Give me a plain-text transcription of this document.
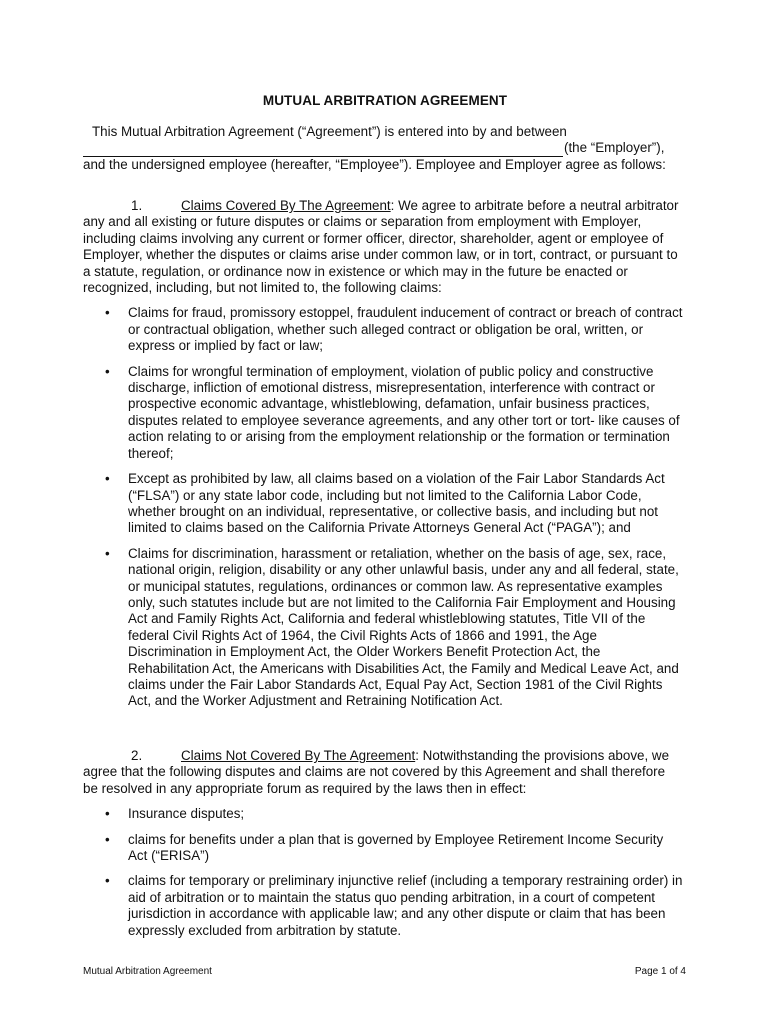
MUTUAL ARBITRATION AGREEMENT
This Mutual Arbitration Agreement (“Agreement”) is entered into by and between
(the “Employer”),
and the undersigned employee (hereafter, “Employee”). Employee and Employer agree as follows:

1.	Claims Covered By The Agreement: We agree to arbitrate before a neutral arbitrator any and all existing or future disputes or claims or separation from employment with Employer, including claims involving any current or former officer, director, shareholder, agent or employee of Employer, whether the disputes or claims arise under common law, or in tort, contract, or pursuant to a statute, regulation, or ordinance now in existence or which may in the future be enacted or recognized, including, but not limited to, the following claims:

• Claims for fraud, promissory estoppel, fraudulent inducement of contract or breach of contract or contractual obligation, whether such alleged contract or obligation be oral, written, or express or implied by fact or law;
• Claims for wrongful termination of employment, violation of public policy and constructive discharge, infliction of emotional distress, misrepresentation, interference with contract or prospective economic advantage, whistleblowing, defamation, unfair business practices, disputes related to employee severance agreements, and any other tort or tort- like causes of action relating to or arising from the employment relationship or the formation or termination thereof;
• Except as prohibited by law, all claims based on a violation of the Fair Labor Standards Act (“FLSA”) or any state labor code, including but not limited to the California Labor Code, whether brought on an individual, representative, or collective basis, and including but not limited to claims based on the California Private Attorneys General Act (“PAGA”); and
• Claims for discrimination, harassment or retaliation, whether on the basis of age, sex, race, national origin, religion, disability or any other unlawful basis, under any and all federal, state, or municipal statutes, regulations, ordinances or common law. As representative examples only, such statutes include but are not limited to the California Fair Employment and Housing Act and Family Rights Act, California and federal whistleblowing statutes, Title VII of the federal Civil Rights Act of 1964, the Civil Rights Acts of 1866 and 1991, the Age Discrimination in Employment Act, the Older Workers Benefit Protection Act, the Rehabilitation Act, the Americans with Disabilities Act, the Family and Medical Leave Act, and claims under the Fair Labor Standards Act, Equal Pay Act, Section 1981 of the Civil Rights Act, and the Worker Adjustment and Retraining Notification Act.

2.	Claims Not Covered By The Agreement: Notwithstanding the provisions above, we agree that the following disputes and claims are not covered by this Agreement and shall therefore be resolved in any appropriate forum as required by the laws then in effect:

• Insurance disputes;
• claims for benefits under a plan that is governed by Employee Retirement Income Security Act (“ERISA”)
• claims for temporary or preliminary injunctive relief (including a temporary restraining order) in aid of arbitration or to maintain the status quo pending arbitration, in a court of competent jurisdiction in accordance with applicable law; and any other dispute or claim that has been expressly excluded from arbitration by statute.
Mutual Arbitration Agreement	Page 1 of 4
